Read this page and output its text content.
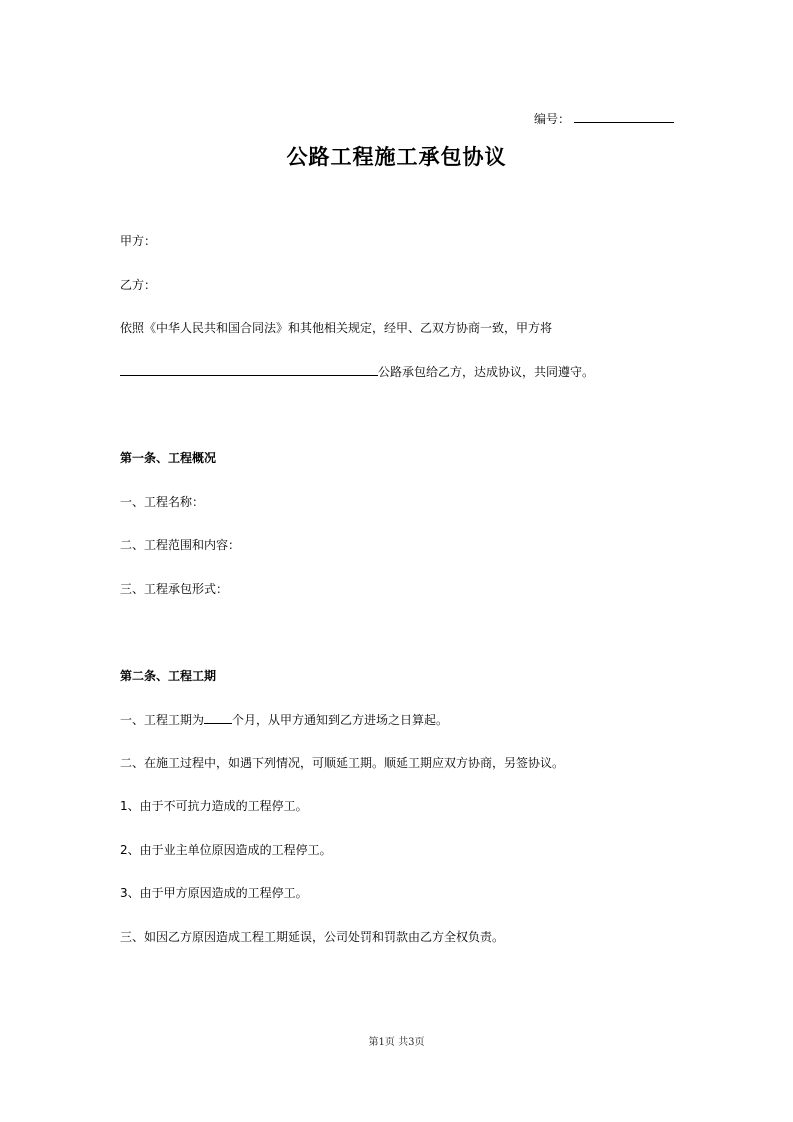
编号：
公路工程施工承包协议
甲方：
乙方：
依照《中华人民共和国合同法》和其他相关规定，经甲、乙双方协商一致，甲方将
公路承包给乙方，达成协议，共同遵守。
第一条、工程概况
一、工程名称：
二、工程范围和内容：
三、工程承包形式：
第二条、工程工期
一、工程工期为 个月，从甲方通知到乙方进场之日算起。
二、在施工过程中，如遇下列情况，可顺延工期。顺延工期应双方协商，另签协议。
1、由于不可抗力造成的工程停工。
2、由于业主单位原因造成的工程停工。
3、由于甲方原因造成的工程停工。
三、如因乙方原因造成工程工期延误，公司处罚和罚款由乙方全权负责。
第1页 共3页
